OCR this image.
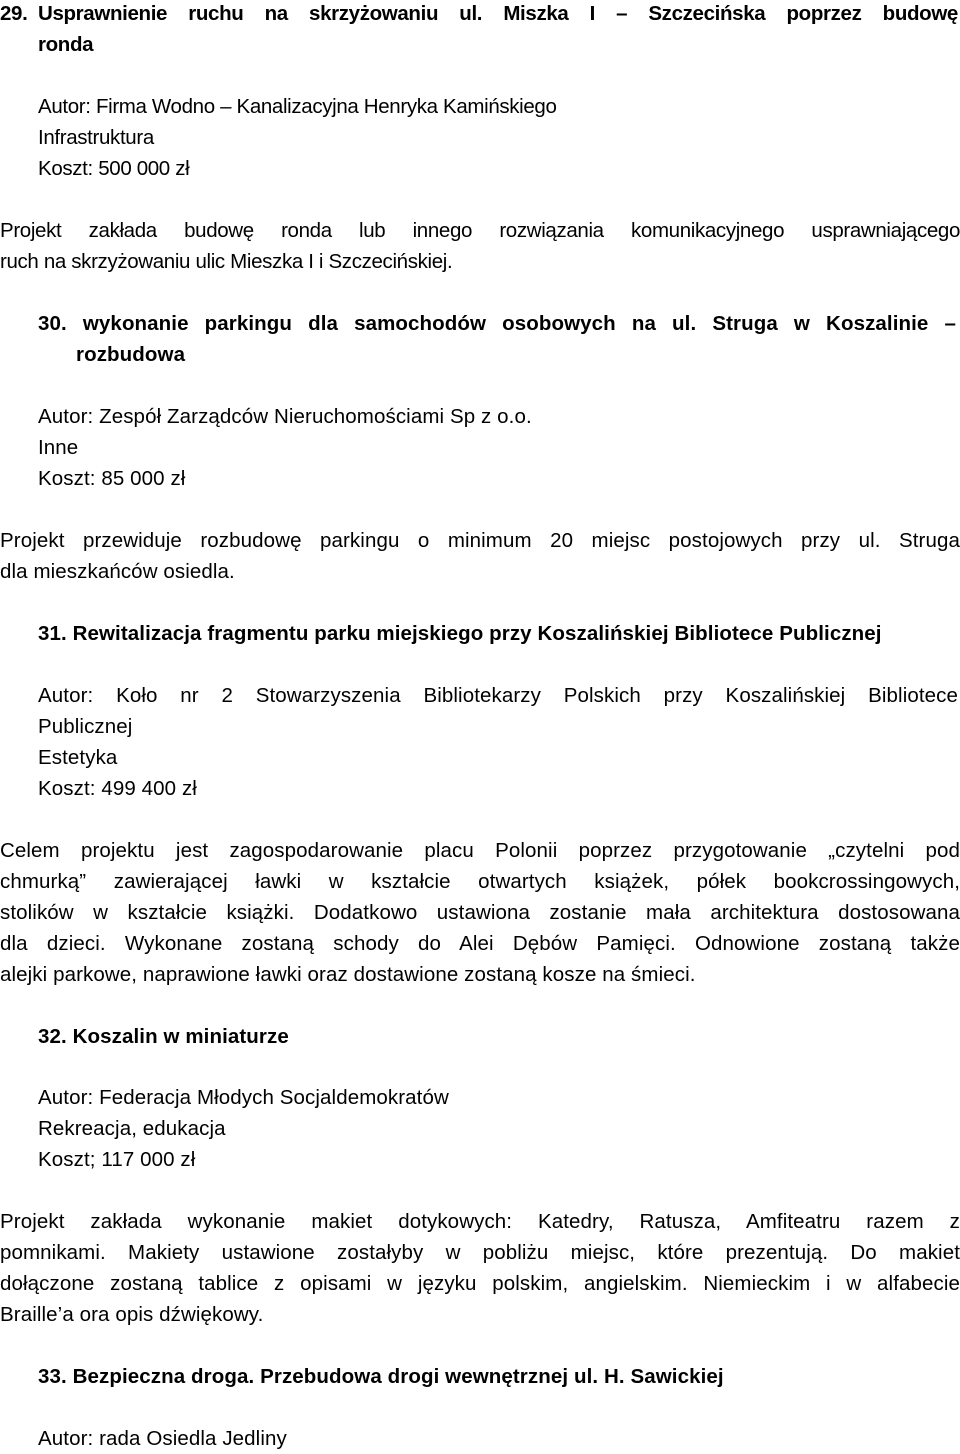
29. Usprawnienie ruchu na skrzyżowaniu ul. Miszka I – Szczecińska poprzez budowę
ronda
Autor: Firma Wodno – Kanalizacyjna Henryka Kamińskiego
Infrastruktura
Koszt: 500 000 zł
Projekt zakłada budowę ronda lub innego rozwiązania komunikacyjnego usprawniającego
ruch na skrzyżowaniu ulic Mieszka I i Szczecińskiej.
30. wykonanie parkingu dla samochodów osobowych na ul. Struga w Koszalinie –
rozbudowa
Autor: Zespół Zarządców Nieruchomościami Sp z o.o.
Inne
Koszt: 85 000 zł
Projekt przewiduje rozbudowę parkingu o minimum 20 miejsc postojowych przy ul. Struga
dla mieszkańców osiedla.
31. Rewitalizacja fragmentu parku miejskiego przy Koszalińskiej Bibliotece Publicznej
Autor: Koło nr 2 Stowarzyszenia Bibliotekarzy Polskich przy Koszalińskiej Bibliotece
Publicznej
Estetyka
Koszt: 499 400 zł
Celem projektu jest zagospodarowanie placu Polonii poprzez przygotowanie „czytelni pod
chmurką” zawierającej ławki w kształcie otwartych książek, półek bookcrossingowych,
stolików w kształcie książki. Dodatkowo ustawiona zostanie mała architektura dostosowana
dla dzieci. Wykonane zostaną schody do Alei Dębów Pamięci. Odnowione zostaną także
alejki parkowe, naprawione ławki oraz dostawione zostaną kosze na śmieci.
32. Koszalin w miniaturze
Autor: Federacja Młodych Socjaldemokratów
Rekreacja, edukacja
Koszt; 117 000 zł
Projekt zakłada wykonanie makiet dotykowych: Katedry, Ratusza, Amfiteatru razem z
pomnikami. Makiety ustawione zostałyby w pobliżu miejsc, które prezentują. Do makiet
dołączone zostaną tablice z opisami w języku polskim, angielskim. Niemieckim i w alfabecie
Braille’a ora opis dźwiękowy.
33. Bezpieczna droga. Przebudowa drogi wewnętrznej ul. H. Sawickiej
Autor: rada Osiedla Jedliny
